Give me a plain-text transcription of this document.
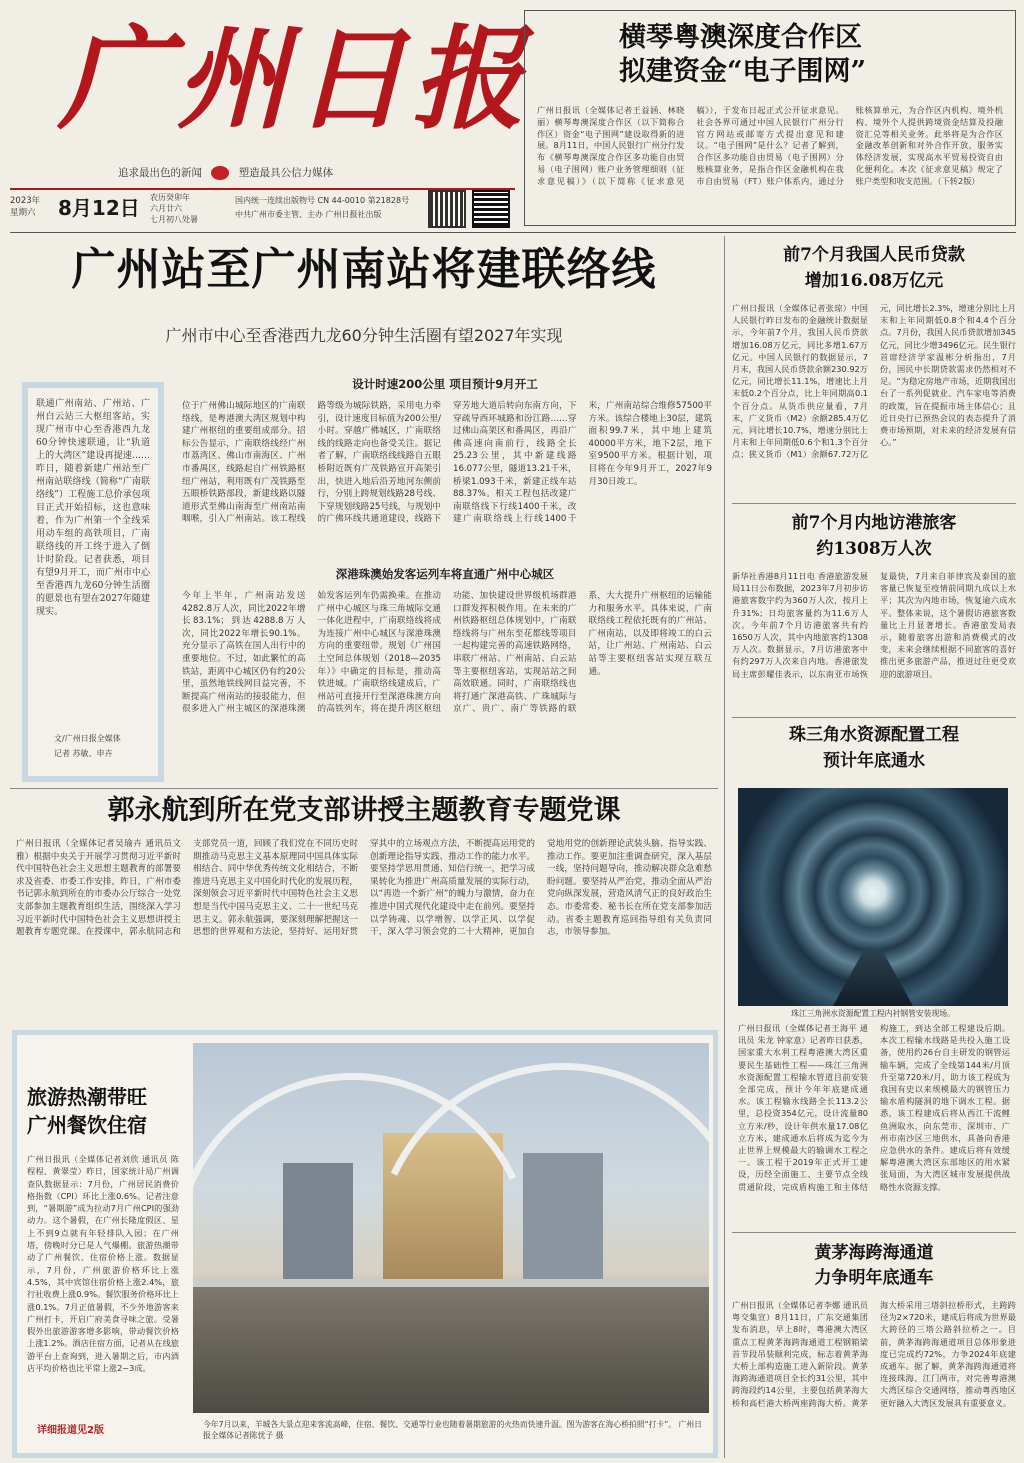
广州日报
追求最出色的新闻	塑造最具公信力媒体
2023年
星期六	8月12日 农历癸卯年
六月廿六
七月初八处暑
国内统一连续出版物号 CN 44-0010 第21828号
中共广州市委主管、主办 广州日报社出版
横琴粤澳深度合作区
拟建资金“电子围网”
广州日报讯（全媒体记者王益涵、林晓丽）横琴粤澳深度合作区（以下简称合作区）资金“电子围网”建设取得新的进展。8月11日，中国人民银行广州分行发布《横琴粤澳深度合作区多功能自由贸易（电子围网）账户业务管理细则（征求意见稿）》（以下简称《征求意见稿》），于发布日起正式公开征求意见。社会各界可通过中国人民银行广州分行官方网站或邮寄方式提出意见和建议。“电子围网”是什么？记者了解到，合作区多功能自由贸易（电子围网）分账核算业务，是指合作区金融机构在我市自由贸易（FT）账户体系内，通过分账核算单元，为合作区内机构、境外机构、境外个人提供跨境资金结算及投融资汇兑等相关业务。此举将是为合作区金融改革创新和对外合作开放，服务实体经济发展，实现高水平贸易投资自由化便利化。本次《征求意见稿》规定了账户类型和收支范围。（下转2版）
广州站至广州南站将建联络线
广州市中心至香港西九龙60分钟生活圈有望2027年实现
联通广州南站、广州站、广州白云站三大枢纽客站，实现广州市中心至香港西九龙60分钟快速联通，让“轨道上的大湾区”建设再提速……昨日，随着新建广州站至广州南站联络线（简称“广南联络线”）工程施工总价承包项目正式开始招标，这也意味着，作为广州第一个全线采用动车组的高铁项目，广南联络线的开工终于进入了倒计时阶段。记者获悉，项目有望9月开工，而广州市中心至香港西九龙60分钟生活圈的愿景也有望在2027年随建现实。
文/广州日报全媒体
记者 苏敏、申卉
设计时速200公里 项目预计9月开工
位于广州佛山城际地区的广南联络线，是粤港澳大湾区规划中构建广州枢纽的重要组成部分。招标公告显示，广南联络线经广州市荔湾区、佛山市南海区、广州市番禺区，线路起自广州铁路枢纽广州站，利用既有广茂铁路至五眼桥铁路部段，新建线路以隧道形式至佛山南海至广州南站南咽喉，引入广州南站。该工程线路等级为城际铁路，采用电力牵引，设计速度目标值为200公里/小时。穿越广佛城区，广南联络线的线路走向也备受关注。据记者了解，广南联络线线路自五眼桥附近既有广茂铁路宣开高架引出，快进入地后沿芳地河东侧前行，分别上跨规划线路28号线、下穿规划线路25号线，与规划中的广佛环线共通道建设，线路下穿芳地大道后转向东南方向，下穿疏导西环城路和汾江路……穿过佛山高架区和番禺区，再沿广佛高速向南前行，线路全长25.23公里，其中新建线路16.077公里，隧道13.21千米，桥梁1.093千米，新建正线车站88.37%。相关工程包括改建广南联络线下行线1400千米，改建广南联络线上行线1400千米，广州南站综合维修57500平方米。该综合楼地上30层，建筑面积99.7米，其中地上建筑40000平方米，地下2层，地下室9500平方米。根据计划，项目将在今年9月开工，2027年9月30日竣工。
深港珠澳始发客运列车将直通广州中心城区
今年上半年，广州南站发送4282.8万人次，同比2022年增长83.1%；到达4288.8万人次，同比2022年增长90.1%。充分显示了高铁在国人出行中的重要地位。不过，如此繁忙的高铁站，距离中心城区仍有约20公里，虽然地铁线网目益完善，不断提高广州南站的接驳能力，但很多进入广州主城区的深港珠澳始发客运列车仍需换乘。在推动广州中心城区与珠三角城际交通一体化进程中，广南联络线将成为连接广州中心城区与深港珠澳方向的重要纽带。规划《广州国土空间总体规划（2018—2035年）》中确定的目标是，推动高铁进城。广南联络线建成后，广州站可直接开行至深港珠澳方向的高铁列车，将在提升湾区枢纽功能、加快建设世界级机场群港口群发挥积极作用。在未来的广州铁路枢纽总体规划中，广南联络线将与广州东至花都线等项目一起构建完善的高速铁路网络，串联广州站、广州南站、白云站等主要枢纽客站，实现站站之间高效联通。同时，广南联络线也将打通广深港高铁、广珠城际与京广、贵广、南广等铁路的联系，大大提升广州枢纽的运输能力和服务水平。具体来说，广南联络线工程依托既有的广州站、广州南站，以及即将竣工的白云站，让广州站、广州南站、白云站等主要枢纽客站实现互联互通。
前7个月我国人民币贷款
增加16.08万亿元
广州日报讯（全媒体记者张琼）中国人民银行昨日发布的金融统计数据显示，今年前7个月，我国人民币贷款增加16.08万亿元，同比多增1.67万亿元。中国人民银行的数据显示，7月末，我国人民币贷款余额230.92万亿元，同比增长11.1%，增速比上月末低0.2个百分点，比上年同期高0.1个百分点。从货币供应量看，7月末，广义货币（M2）余额285.4万亿元，同比增长10.7%，增速分别比上月末和上年同期低0.6个和1.3个百分点；狭义货币（M1）余额67.72万亿元，同比增长2.3%，增速分别比上月末和上年同期低0.8个和4.4个百分点。7月份，我国人民币贷款增加345亿元，同比少增3496亿元。民生银行首席经济学家温彬分析指出，7月份，国民中长期贷款需求仍然相对不足。“为稳定房地产市场，近期我国出台了一系列促就业、汽车家电等消费的政策，旨在提振市场主体信心；且近日央行已预热会议的表态提升了消费市场预期，对未来的经济发展有信心。”
前7个月内地访港旅客
约1308万人次
新华社香港8月11日电 香港旅游发展局11日公布数据，2023年7月初步访港旅客数字约为360万人次，按月上升31%；日均旅客量约为11.6万人次。今年前7个月访港旅客共有约1650万人次，其中内地旅客约1308万人次。数据显示，7月访港旅客中有约297万人次来自内地。香港旅发局主席彭耀佳表示，以东南亚市场恢复最快，7月来自菲律宾及泰国的旅客量已恢复至疫情前同期九成以上水平；其次为内地市场，恢复逾六成水平。整体来说，这个暑假访港旅客数量比上月显著增长。香港旅发局表示，随着旅客出游和消费模式的改变，未来会继续根据不同旅客的喜好推出更多旅游产品，推进过往更受欢迎的旅游项目。
珠三角水资源配置工程
预计年底通水
珠江三角洲水资源配置工程内衬钢管安装现场。
广州日报讯（全媒体记者王海平 通讯员 朱龙 钟家意）记者昨日获悉，国家重大水利工程粤港澳大湾区重要民生基础性工程——珠江三角洲水资源配置工程输水管道目前安装全部完成，预计今年年底建成通水。该工程输水线路全长113.2公里，总投资354亿元，设计流量80立方米/秒，设计年供水量17.08亿立方米，建成通水后将成为迄今为止世界上规模最大的输调水工程之一。该工程于2019年正式开工建设，历经全面施工、主要节点全线贯通阶段，完成盾构施工和主体结构施工，到达全部工程建设后期。本次工程输水线路是共投入施工设备，使用约26台自主研发的钢管运输车辆，完成了全线第144米/月顶升至第720米/月，助力该工程成为我国有史以来规模最大的钢管压力输水盾构隧洞的地下调水工程。据悉，该工程建成后将从西江干流鲤鱼洲取水，向东莞市、深圳市、广州市南沙区三地供水，具备向香港应急供水的条件。建成后将有效缓解粤港澳大湾区东部地区的用水紧张局面，为大湾区城市发展提供战略性水资源支撑。
黄茅海跨海通道
力争明年底通车
广州日报讯（全媒体记者李娜 通讯员 粤交集宣）8月11日，广东交通集团发布消息，早上8时，粤港澳大湾区重点工程黄茅海跨海通道工程钢箱梁首节段吊装顺利完成，标志着黄茅海大桥上部构造施工进入新阶段。黄茅海跨海通道项目全长约31公里，其中跨海段约14公里，主要包括黄茅海大桥和高栏港大桥两座跨海大桥。黄茅海大桥采用三塔斜拉桥形式，主跨跨径为2×720米，建成后将成为世界最大跨径的三塔公路斜拉桥之一。目前，黄茅海跨海通道项目总体形象进度已完成约72%，力争2024年底建成通车。据了解，黄茅海跨海通道将连接珠海、江门两市，对完善粤港澳大湾区综合交通网络，推动粤西地区更好融入大湾区发展具有重要意义。
郭永航到所在党支部讲授主题教育专题党课
广州日报讯（全媒体记者吴瑜卉 通讯员文雅）根据中央关于开展学习贯彻习近平新时代中国特色社会主义思想主题教育的部署要求及省委、市委工作安排，昨日，广州市委书记郭永航到所在的市委办公厅综合一处党支部参加主题教育组织生活，围绕深入学习习近平新时代中国特色社会主义思想讲授主题教育专题党课。在授课中，郭永航同志和支部党员一道，回顾了我们党在不同历史时期推动马克思主义基本原理同中国具体实际相结合、同中华优秀传统文化相结合，不断推进马克思主义中国化时代化的发展历程，深刻领会习近平新时代中国特色社会主义思想是当代中国马克思主义、二十一世纪马克思主义。郭永航强调，要深刻理解把握这一思想的世界观和方法论，坚持好、运用好贯穿其中的立场观点方法，不断提高运用党的创新理论指导实践、推动工作的能力水平。要坚持学思用贯通、知信行统一，把学习成果转化为推进广州高质量发展的实际行动，以“再造一个新广州”的魄力与激情，奋力在推进中国式现代化建设中走在前列。要坚持以学铸魂、以学增智、以学正风、以学促干，深入学习领会党的二十大精神，更加自觉地用党的创新理论武装头脑、指导实践、推动工作。要更加注重调查研究，深入基层一线，坚持问题导向，推动解决群众急难愁盼问题。要坚持从严治党，推动全面从严治党向纵深发展，营造风清气正的良好政治生态。市委常委、秘书长在所在党支部参加活动。省委主题教育巡回指导组有关负责同志，市领导参加。
旅游热潮带旺
广州餐饮住宿
广州日报讯（全媒体记者刘欣 通讯员 陈程程、黄翠莹）昨日，国家统计局广州调查队数据显示：7月份，广州居民消费价格指数（CPI）环比上涨0.6%。记者注意到，“暑期游”成为拉动7月广州CPI的强劲动力。这个暑假，在广州长隆度假区、星上不到9点就有年轻排队入园；在广州塔，傍晚时分已是人气爆棚。旅游热潮带动了广州餐饮、住宿价格上涨。数据显示，7月份，广州旅游价格环比上涨4.5%，其中宾馆住宿价格上涨2.4%，旅行社收费上涨0.9%。餐饮服务价格环比上涨0.1%。7月正值暑假，不少外地游客来广州打卡，开启广府美食寻味之旅。受暑假外出旅游游客增多影响，带动餐饮价格上涨1.2%。酒店住宿方面，记者从在线旅游平台上查询到，进入暑期之后，市内酒店平均价格也比平常上涨2~3成。
详细报道见2版
今年7月以来，羊城各大景点迎来客流高峰，住宿、餐饮、交通等行业也随着暑期旅游的火热而快速升温。图为游客在海心桥拍照“打卡”。 广州日报全媒体记者陈忧子 摄
